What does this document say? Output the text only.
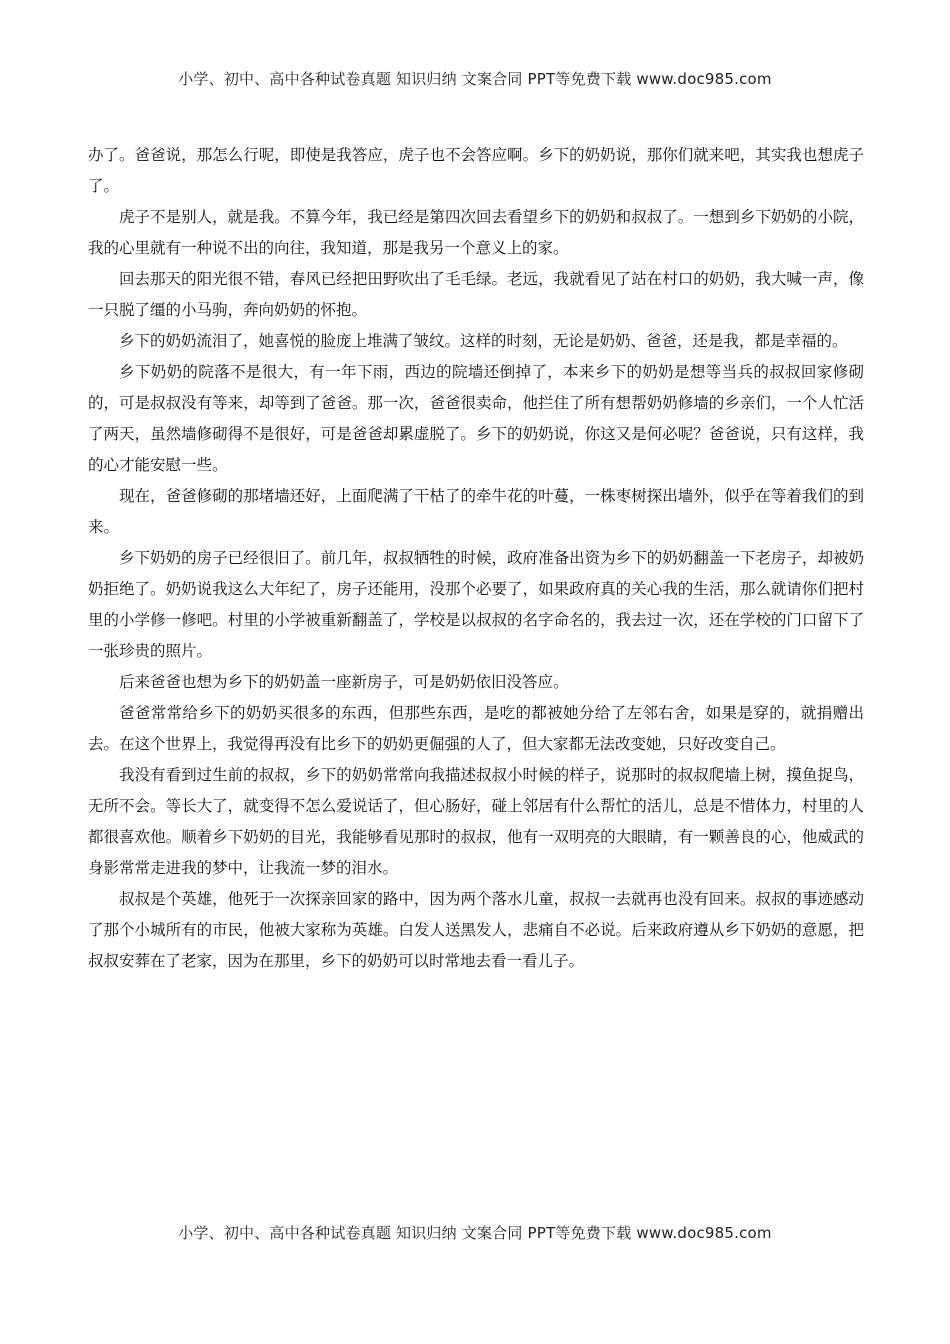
小学、初中、高中各种试卷真题 知识归纳 文案合同 PPT等免费下载 www.doc985.com

办了。爸爸说，那怎么行呢，即使是我答应，虎子也不会答应啊。乡下的奶奶说，那你们就来吧，其实我也想虎子了。

虎子不是别人，就是我。不算今年，我已经是第四次回去看望乡下的奶奶和叔叔了。一想到乡下奶奶的小院，我的心里就有一种说不出的向往，我知道，那是我另一个意义上的家。

回去那天的阳光很不错，春风已经把田野吹出了毛毛绿。老远，我就看见了站在村口的奶奶，我大喊一声，像一只脱了缰的小马驹，奔向奶奶的怀抱。

乡下的奶奶流泪了，她喜悦的脸庞上堆满了皱纹。这样的时刻，无论是奶奶、爸爸，还是我，都是幸福的。

乡下奶奶的院落不是很大，有一年下雨，西边的院墙还倒掉了，本来乡下的奶奶是想等当兵的叔叔回家修砌的，可是叔叔没有等来，却等到了爸爸。那一次，爸爸很卖命，他拦住了所有想帮奶奶修墙的乡亲们，一个人忙活了两天，虽然墙修砌得不是很好，可是爸爸却累虚脱了。乡下的奶奶说，你这又是何必呢？爸爸说，只有这样，我的心才能安慰一些。

现在，爸爸修砌的那堵墙还好，上面爬满了干枯了的牵牛花的叶蔓，一株枣树探出墙外，似乎在等着我们的到来。

乡下奶奶的房子已经很旧了。前几年，叔叔牺牲的时候，政府准备出资为乡下的奶奶翻盖一下老房子，却被奶奶拒绝了。奶奶说我这么大年纪了，房子还能用，没那个必要了，如果政府真的关心我的生活，那么就请你们把村里的小学修一修吧。村里的小学被重新翻盖了，学校是以叔叔的名字命名的，我去过一次，还在学校的门口留下了一张珍贵的照片。

后来爸爸也想为乡下的奶奶盖一座新房子，可是奶奶依旧没答应。

爸爸常常给乡下的奶奶买很多的东西，但那些东西，是吃的都被她分给了左邻右舍，如果是穿的，就捐赠出去。在这个世界上，我觉得再没有比乡下的奶奶更倔强的人了，但大家都无法改变她，只好改变自己。

我没有看到过生前的叔叔，乡下的奶奶常常向我描述叔叔小时候的样子，说那时的叔叔爬墙上树，摸鱼捉鸟，无所不会。等长大了，就变得不怎么爱说话了，但心肠好，碰上邻居有什么帮忙的活儿，总是不惜体力，村里的人都很喜欢他。顺着乡下奶奶的目光，我能够看见那时的叔叔，他有一双明亮的大眼睛，有一颗善良的心，他威武的身影常常走进我的梦中，让我流一梦的泪水。

叔叔是个英雄，他死于一次探亲回家的路中，因为两个落水儿童，叔叔一去就再也没有回来。叔叔的事迹感动了那个小城所有的市民，他被大家称为英雄。白发人送黑发人，悲痛自不必说。后来政府遵从乡下奶奶的意愿，把叔叔安葬在了老家，因为在那里，乡下的奶奶可以时常地去看一看儿子。

小学、初中、高中各种试卷真题 知识归纳 文案合同 PPT等免费下载 www.doc985.com
